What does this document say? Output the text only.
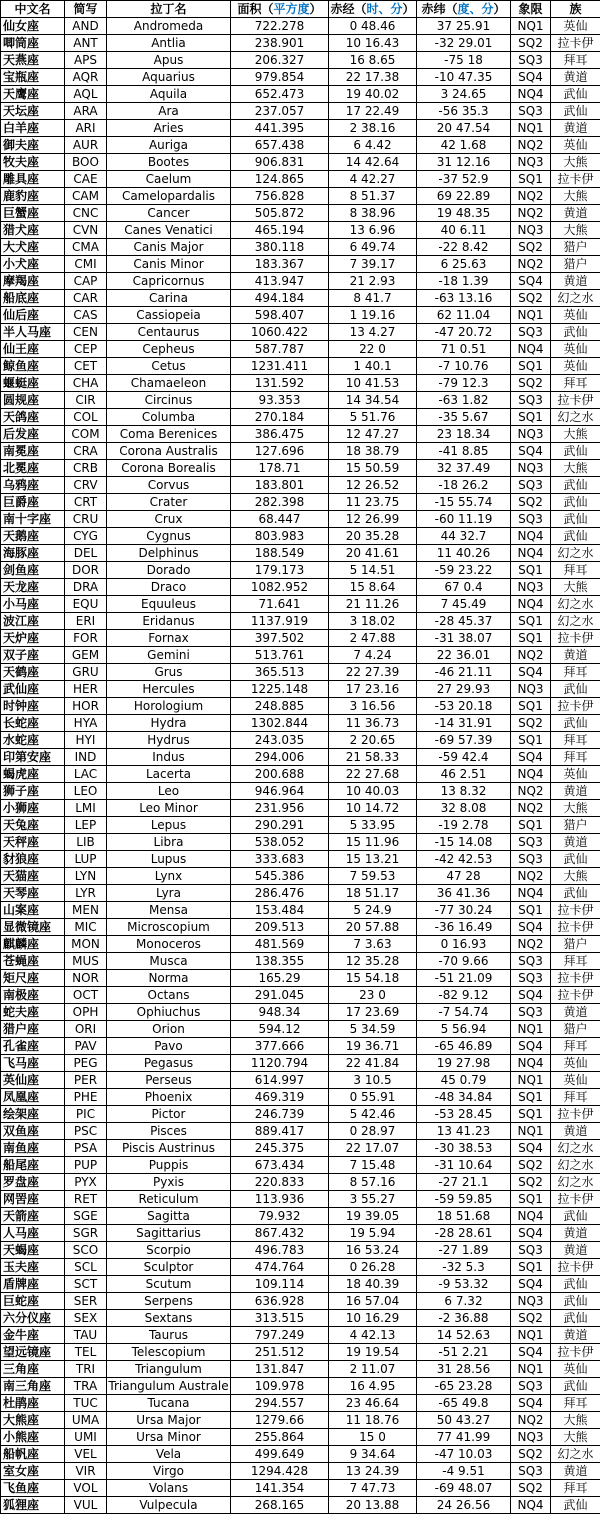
中文名	简写	拉丁名	面积（平方度）	赤经（时、分）	赤纬（度、分）	象限	族
仙女座	AND	Andromeda	722.278	0 48.46	37 25.91	NQ1	英仙
唧筒座	ANT	Antlia	238.901	10 16.43	-32 29.01	SQ2	拉卡伊
天燕座	APS	Apus	206.327	16 8.65	-75 18	SQ3	拜耳
宝瓶座	AQR	Aquarius	979.854	22 17.38	-10 47.35	SQ4	黄道
天鹰座	AQL	Aquila	652.473	19 40.02	3 24.65	NQ4	武仙
天坛座	ARA	Ara	237.057	17 22.49	-56 35.3	SQ3	武仙
白羊座	ARI	Aries	441.395	2 38.16	20 47.54	NQ1	黄道
御夫座	AUR	Auriga	657.438	6 4.42	42 1.68	NQ2	英仙
牧夫座	BOO	Bootes	906.831	14 42.64	31 12.16	NQ3	大熊
雕具座	CAE	Caelum	124.865	4 42.27	-37 52.9	SQ1	拉卡伊
鹿豹座	CAM	Camelopardalis	756.828	8 51.37	69 22.89	NQ2	大熊
巨蟹座	CNC	Cancer	505.872	8 38.96	19 48.35	NQ2	黄道
猎犬座	CVN	Canes Venatici	465.194	13 6.96	40 6.11	NQ3	大熊
大犬座	CMA	Canis Major	380.118	6 49.74	-22 8.42	SQ2	猎户
小犬座	CMI	Canis Minor	183.367	7 39.17	6 25.63	NQ2	猎户
摩羯座	CAP	Capricornus	413.947	21 2.93	-18 1.39	SQ4	黄道
船底座	CAR	Carina	494.184	8 41.7	-63 13.16	SQ2	幻之水
仙后座	CAS	Cassiopeia	598.407	1 19.16	62 11.04	NQ1	英仙
半人马座	CEN	Centaurus	1060.422	13 4.27	-47 20.72	SQ3	武仙
仙王座	CEP	Cepheus	587.787	22 0	71 0.51	NQ4	英仙
鲸鱼座	CET	Cetus	1231.411	1 40.1	-7 10.76	SQ1	英仙
蝘蜓座	CHA	Chamaeleon	131.592	10 41.53	-79 12.3	SQ2	拜耳
圆规座	CIR	Circinus	93.353	14 34.54	-63 1.82	SQ3	拉卡伊
天鸽座	COL	Columba	270.184	5 51.76	-35 5.67	SQ1	幻之水
后发座	COM	Coma Berenices	386.475	12 47.27	23 18.34	NQ3	大熊
南冕座	CRA	Corona Australis	127.696	18 38.79	-41 8.85	SQ4	武仙
北冕座	CRB	Corona Borealis	178.71	15 50.59	32 37.49	NQ3	大熊
乌鸦座	CRV	Corvus	183.801	12 26.52	-18 26.2	SQ3	武仙
巨爵座	CRT	Crater	282.398	11 23.75	-15 55.74	SQ2	武仙
南十字座	CRU	Crux	68.447	12 26.99	-60 11.19	SQ3	武仙
天鹅座	CYG	Cygnus	803.983	20 35.28	44 32.7	NQ4	武仙
海豚座	DEL	Delphinus	188.549	20 41.61	11 40.26	NQ4	幻之水
剑鱼座	DOR	Dorado	179.173	5 14.51	-59 23.22	SQ1	拜耳
天龙座	DRA	Draco	1082.952	15 8.64	67 0.4	NQ3	大熊
小马座	EQU	Equuleus	71.641	21 11.26	7 45.49	NQ4	幻之水
波江座	ERI	Eridanus	1137.919	3 18.02	-28 45.37	SQ1	幻之水
天炉座	FOR	Fornax	397.502	2 47.88	-31 38.07	SQ1	拉卡伊
双子座	GEM	Gemini	513.761	7 4.24	22 36.01	NQ2	黄道
天鹤座	GRU	Grus	365.513	22 27.39	-46 21.11	SQ4	拜耳
武仙座	HER	Hercules	1225.148	17 23.16	27 29.93	NQ3	武仙
时钟座	HOR	Horologium	248.885	3 16.56	-53 20.18	SQ1	拉卡伊
长蛇座	HYA	Hydra	1302.844	11 36.73	-14 31.91	SQ2	武仙
水蛇座	HYI	Hydrus	243.035	2 20.65	-69 57.39	SQ1	拜耳
印第安座	IND	Indus	294.006	21 58.33	-59 42.4	SQ4	拜耳
蝎虎座	LAC	Lacerta	200.688	22 27.68	46 2.51	NQ4	英仙
狮子座	LEO	Leo	946.964	10 40.03	13 8.32	NQ2	黄道
小狮座	LMI	Leo Minor	231.956	10 14.72	32 8.08	NQ2	大熊
天兔座	LEP	Lepus	290.291	5 33.95	-19 2.78	SQ1	猎户
天秤座	LIB	Libra	538.052	15 11.96	-15 14.08	SQ3	黄道
豺狼座	LUP	Lupus	333.683	15 13.21	-42 42.53	SQ3	武仙
天猫座	LYN	Lynx	545.386	7 59.53	47 28	NQ2	大熊
天琴座	LYR	Lyra	286.476	18 51.17	36 41.36	NQ4	武仙
山案座	MEN	Mensa	153.484	5 24.9	-77 30.24	SQ1	拉卡伊
显微镜座	MIC	Microscopium	209.513	20 57.88	-36 16.49	SQ4	拉卡伊
麒麟座	MON	Monoceros	481.569	7 3.63	0 16.93	NQ2	猎户
苍蝇座	MUS	Musca	138.355	12 35.28	-70 9.66	SQ3	拜耳
矩尺座	NOR	Norma	165.29	15 54.18	-51 21.09	SQ3	拉卡伊
南极座	OCT	Octans	291.045	23 0	-82 9.12	SQ4	拉卡伊
蛇夫座	OPH	Ophiuchus	948.34	17 23.69	-7 54.74	SQ3	黄道
猎户座	ORI	Orion	594.12	5 34.59	5 56.94	NQ1	猎户
孔雀座	PAV	Pavo	377.666	19 36.71	-65 46.89	SQ4	拜耳
飞马座	PEG	Pegasus	1120.794	22 41.84	19 27.98	NQ4	英仙
英仙座	PER	Perseus	614.997	3 10.5	45 0.79	NQ1	英仙
凤凰座	PHE	Phoenix	469.319	0 55.91	-48 34.84	SQ1	拜耳
绘架座	PIC	Pictor	246.739	5 42.46	-53 28.45	SQ1	拉卡伊
双鱼座	PSC	Pisces	889.417	0 28.97	13 41.23	NQ1	黄道
南鱼座	PSA	Piscis Austrinus	245.375	22 17.07	-30 38.53	SQ4	幻之水
船尾座	PUP	Puppis	673.434	7 15.48	-31 10.64	SQ2	幻之水
罗盘座	PYX	Pyxis	220.833	8 57.16	-27 21.1	SQ2	幻之水
网罟座	RET	Reticulum	113.936	3 55.27	-59 59.85	SQ1	拉卡伊
天箭座	SGE	Sagitta	79.932	19 39.05	18 51.68	NQ4	武仙
人马座	SGR	Sagittarius	867.432	19 5.94	-28 28.61	SQ4	黄道
天蝎座	SCO	Scorpio	496.783	16 53.24	-27 1.89	SQ3	黄道
玉夫座	SCL	Sculptor	474.764	0 26.28	-32 5.3	SQ1	拉卡伊
盾牌座	SCT	Scutum	109.114	18 40.39	-9 53.32	SQ4	武仙
巨蛇座	SER	Serpens	636.928	16 57.04	6 7.32	NQ3	武仙
六分仪座	SEX	Sextans	313.515	10 16.29	-2 36.88	SQ2	武仙
金牛座	TAU	Taurus	797.249	4 42.13	14 52.63	NQ1	黄道
望远镜座	TEL	Telescopium	251.512	19 19.54	-51 2.21	SQ4	拉卡伊
三角座	TRI	Triangulum	131.847	2 11.07	31 28.56	NQ1	英仙
南三角座	TRA	Triangulum Australe	109.978	16 4.95	-65 23.28	SQ3	武仙
杜鹃座	TUC	Tucana	294.557	23 46.64	-65 49.8	SQ4	拜耳
大熊座	UMA	Ursa Major	1279.66	11 18.76	50 43.27	NQ2	大熊
小熊座	UMI	Ursa Minor	255.864	15 0	77 41.99	NQ3	大熊
船帆座	VEL	Vela	499.649	9 34.64	-47 10.03	SQ2	幻之水
室女座	VIR	Virgo	1294.428	13 24.39	-4 9.51	SQ3	黄道
飞鱼座	VOL	Volans	141.354	7 47.73	-69 48.07	SQ2	拜耳
狐狸座	VUL	Vulpecula	268.165	20 13.88	24 26.56	NQ4	武仙
